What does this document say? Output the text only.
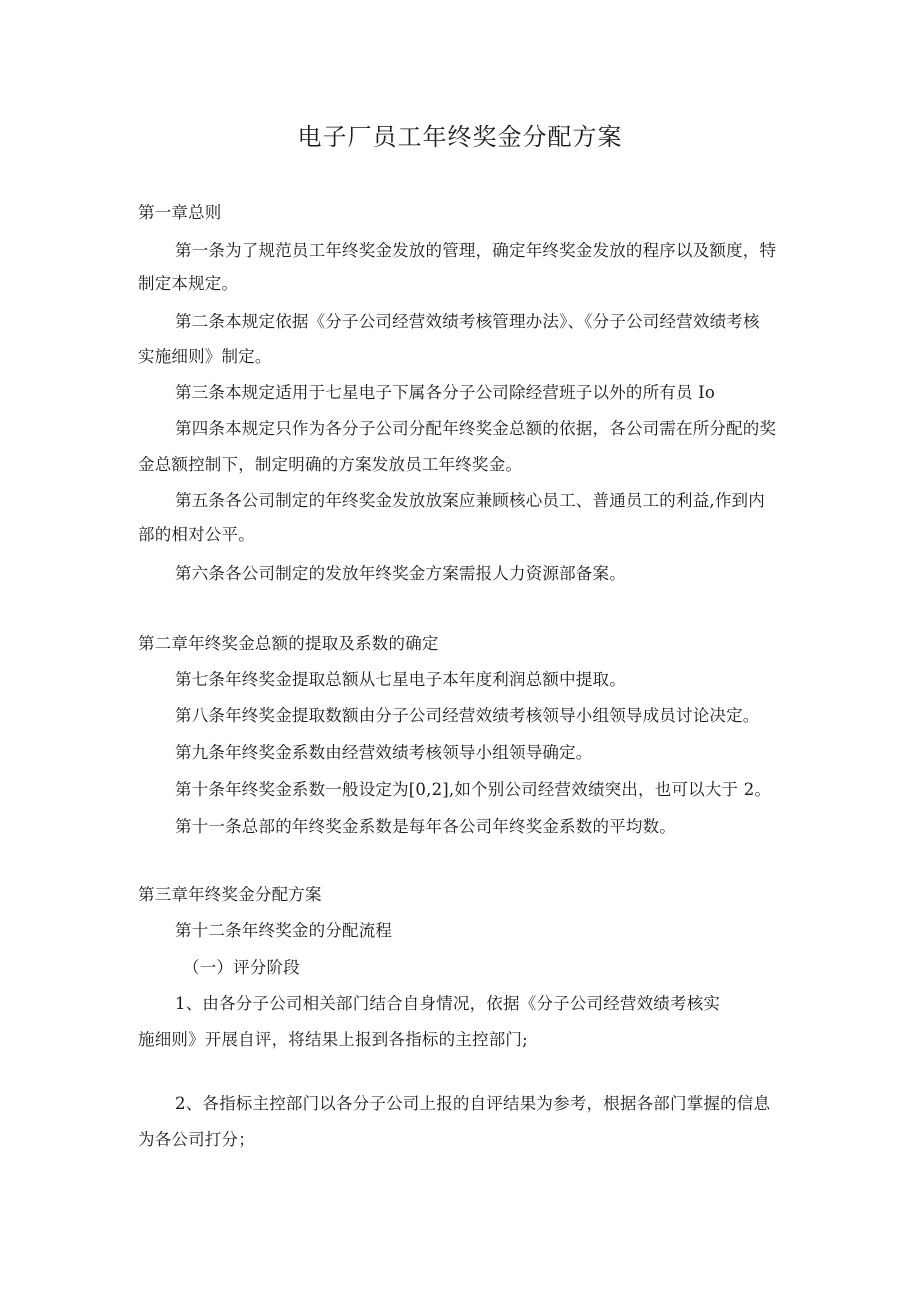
电子厂员工年终奖金分配方案
第一章总则
第一条为了规范员工年终奖金发放的管理，确定年终奖金发放的程序以及额度，特
制定本规定。
第二条本规定依据《分子公司经营效绩考核管理办法》、《分子公司经营效绩考核
实施细则》制定。
第三条本规定适用于七星电子下属各分子公司除经营班子以外的所有员 Io
第四条本规定只作为各分子公司分配年终奖金总额的依据，各公司需在所分配的奖
金总额控制下，制定明确的方案发放员工年终奖金。
第五条各公司制定的年终奖金发放放案应兼顾核心员工、普通员工的利益,作到内
部的相对公平。
第六条各公司制定的发放年终奖金方案需报人力资源部备案。
第二章年终奖金总额的提取及系数的确定
第七条年终奖金提取总额从七星电子本年度利润总额中提取。
第八条年终奖金提取数额由分子公司经营效绩考核领导小组领导成员讨论决定。
第九条年终奖金系数由经营效绩考核领导小组领导确定。
第十条年终奖金系数一般设定为[0,2],如个别公司经营效绩突出，也可以大于 2。
第十一条总部的年终奖金系数是每年各公司年终奖金系数的平均数。
第三章年终奖金分配方案
第十二条年终奖金的分配流程
（一）评分阶段
1、由各分子公司相关部门结合自身情况，依据《分子公司经营效绩考核实
施细则》开展自评，将结果上报到各指标的主控部门;
2、各指标主控部门以各分子公司上报的自评结果为参考，根据各部门掌握的信息
为各公司打分；
